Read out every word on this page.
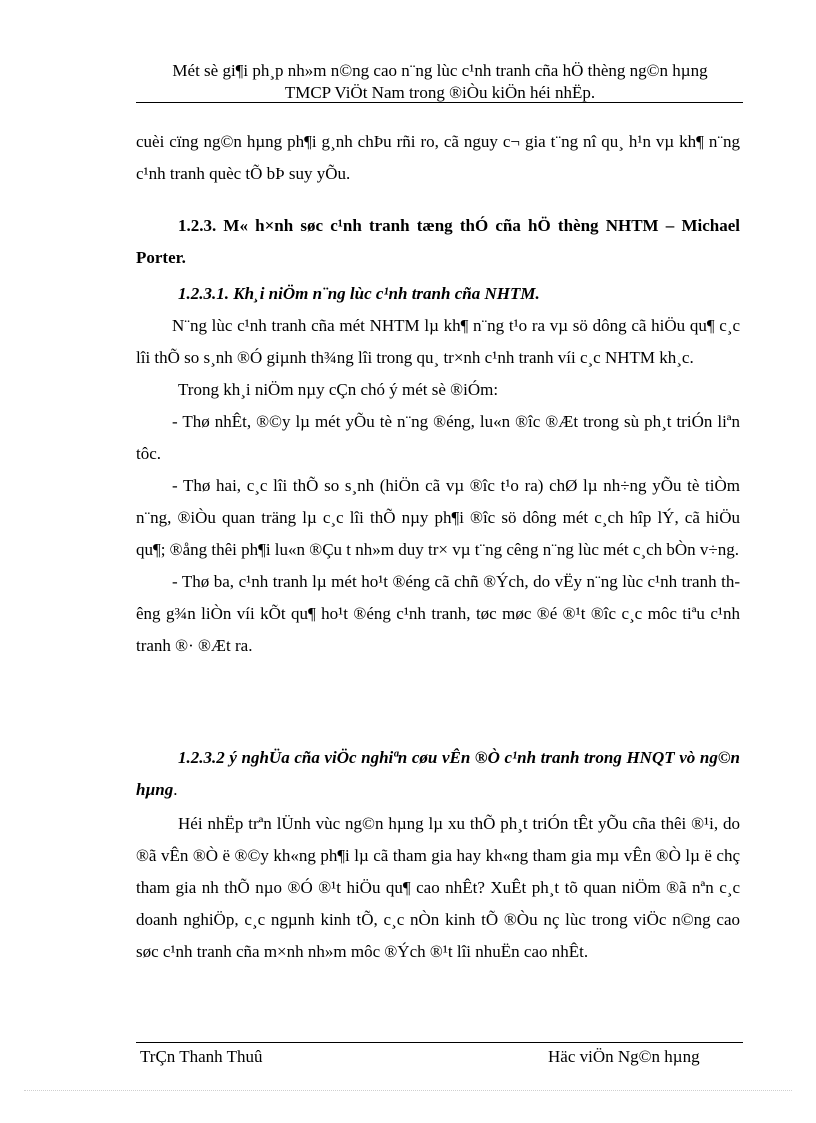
Mét sè gi¶i ph¸p nh»m n©ng cao n¨ng lùc c¹nh tranh cña hÖ thèng ng©n hµng
TMCP ViÖt Nam trong ®iÒu kiÖn héi nhËp.

cuèi cïng ng©n hµng ph¶i g¸nh chÞu rñi ro, cã nguy c¬ gia t¨ng nî qu¸ h¹n vµ kh¶ n¨ng c¹nh tranh quèc tÕ bÞ suy yÕu.

1.2.3. M« h×nh søc c¹nh tranh tæng thÓ cña hÖ thèng NHTM – Michael Porter.

1.2.3.1. Kh¸i niÖm n¨ng lùc c¹nh tranh cña NHTM.

N¨ng lùc c¹nh tranh cña mét NHTM lµ kh¶ n¨ng t¹o ra vµ sö dông cã hiÖu qu¶ c¸c lîi thÕ so s¸nh ®Ó giµnh th¾ng lîi trong qu¸ tr×nh c¹nh tranh víi c¸c NHTM kh¸c.

Trong kh¸i niÖm nµy cÇn chó ý mét sè ®iÓm:

- Thø nhÊt, ®©y lµ mét yÕu tè n¨ng ®éng, lu«n ®îc ®Æt trong sù ph¸t triÓn liªn tôc.

- Thø hai, c¸c lîi thÕ so s¸nh (hiÖn cã vµ ®îc t¹o ra) chØ lµ nh÷ng yÕu tè tiÒm n¨ng, ®iÒu quan träng lµ c¸c lîi thÕ nµy ph¶i ®îc sö dông mét c¸ch hîp lÝ, cã hiÖu qu¶; ®ång thêi ph¶i lu«n ®Çu t nh»m duy tr× vµ t¨ng cêng n¨ng lùc mét c¸ch bÒn v÷ng.

- Thø ba, c¹nh tranh lµ mét ho¹t ®éng cã chñ ®Ých, do vËy n¨ng lùc c¹nh tranh thêng g¾n liÒn víi kÕt qu¶ ho¹t ®éng c¹nh tranh, tøc møc ®é ®¹t ®îc c¸c môc tiªu c¹nh tranh ®· ®Æt ra.

1.2.3.2 ý nghÜa cña viÖc nghiªn cøu vÊn ®Ò c¹nh tranh trong HNQT vò ng©n hµng.

Héi nhËp trªn lÜnh vùc ng©n hµng lµ xu thÕ ph¸t triÓn tÊt yÕu cña thêi ®¹i, do ®ã vÊn ®Ò ë ®©y kh«ng ph¶i lµ cã tham gia hay kh«ng tham gia mµ vÊn ®Ò lµ ë chç tham gia nh thÕ nµo ®Ó ®¹t hiÖu qu¶ cao nhÊt? XuÊt ph¸t tõ quan niÖm ®ã nªn c¸c doanh nghiÖp, c¸c ngµnh kinh tÕ, c¸c nÒn kinh tÕ ®Òu nç lùc trong viÖc n©ng cao søc c¹nh tranh cña m×nh nh»m môc ®Ých ®¹t lîi nhuËn cao nhÊt.

TrÇn Thanh Thuû	Häc viÖn Ng©n hµng
